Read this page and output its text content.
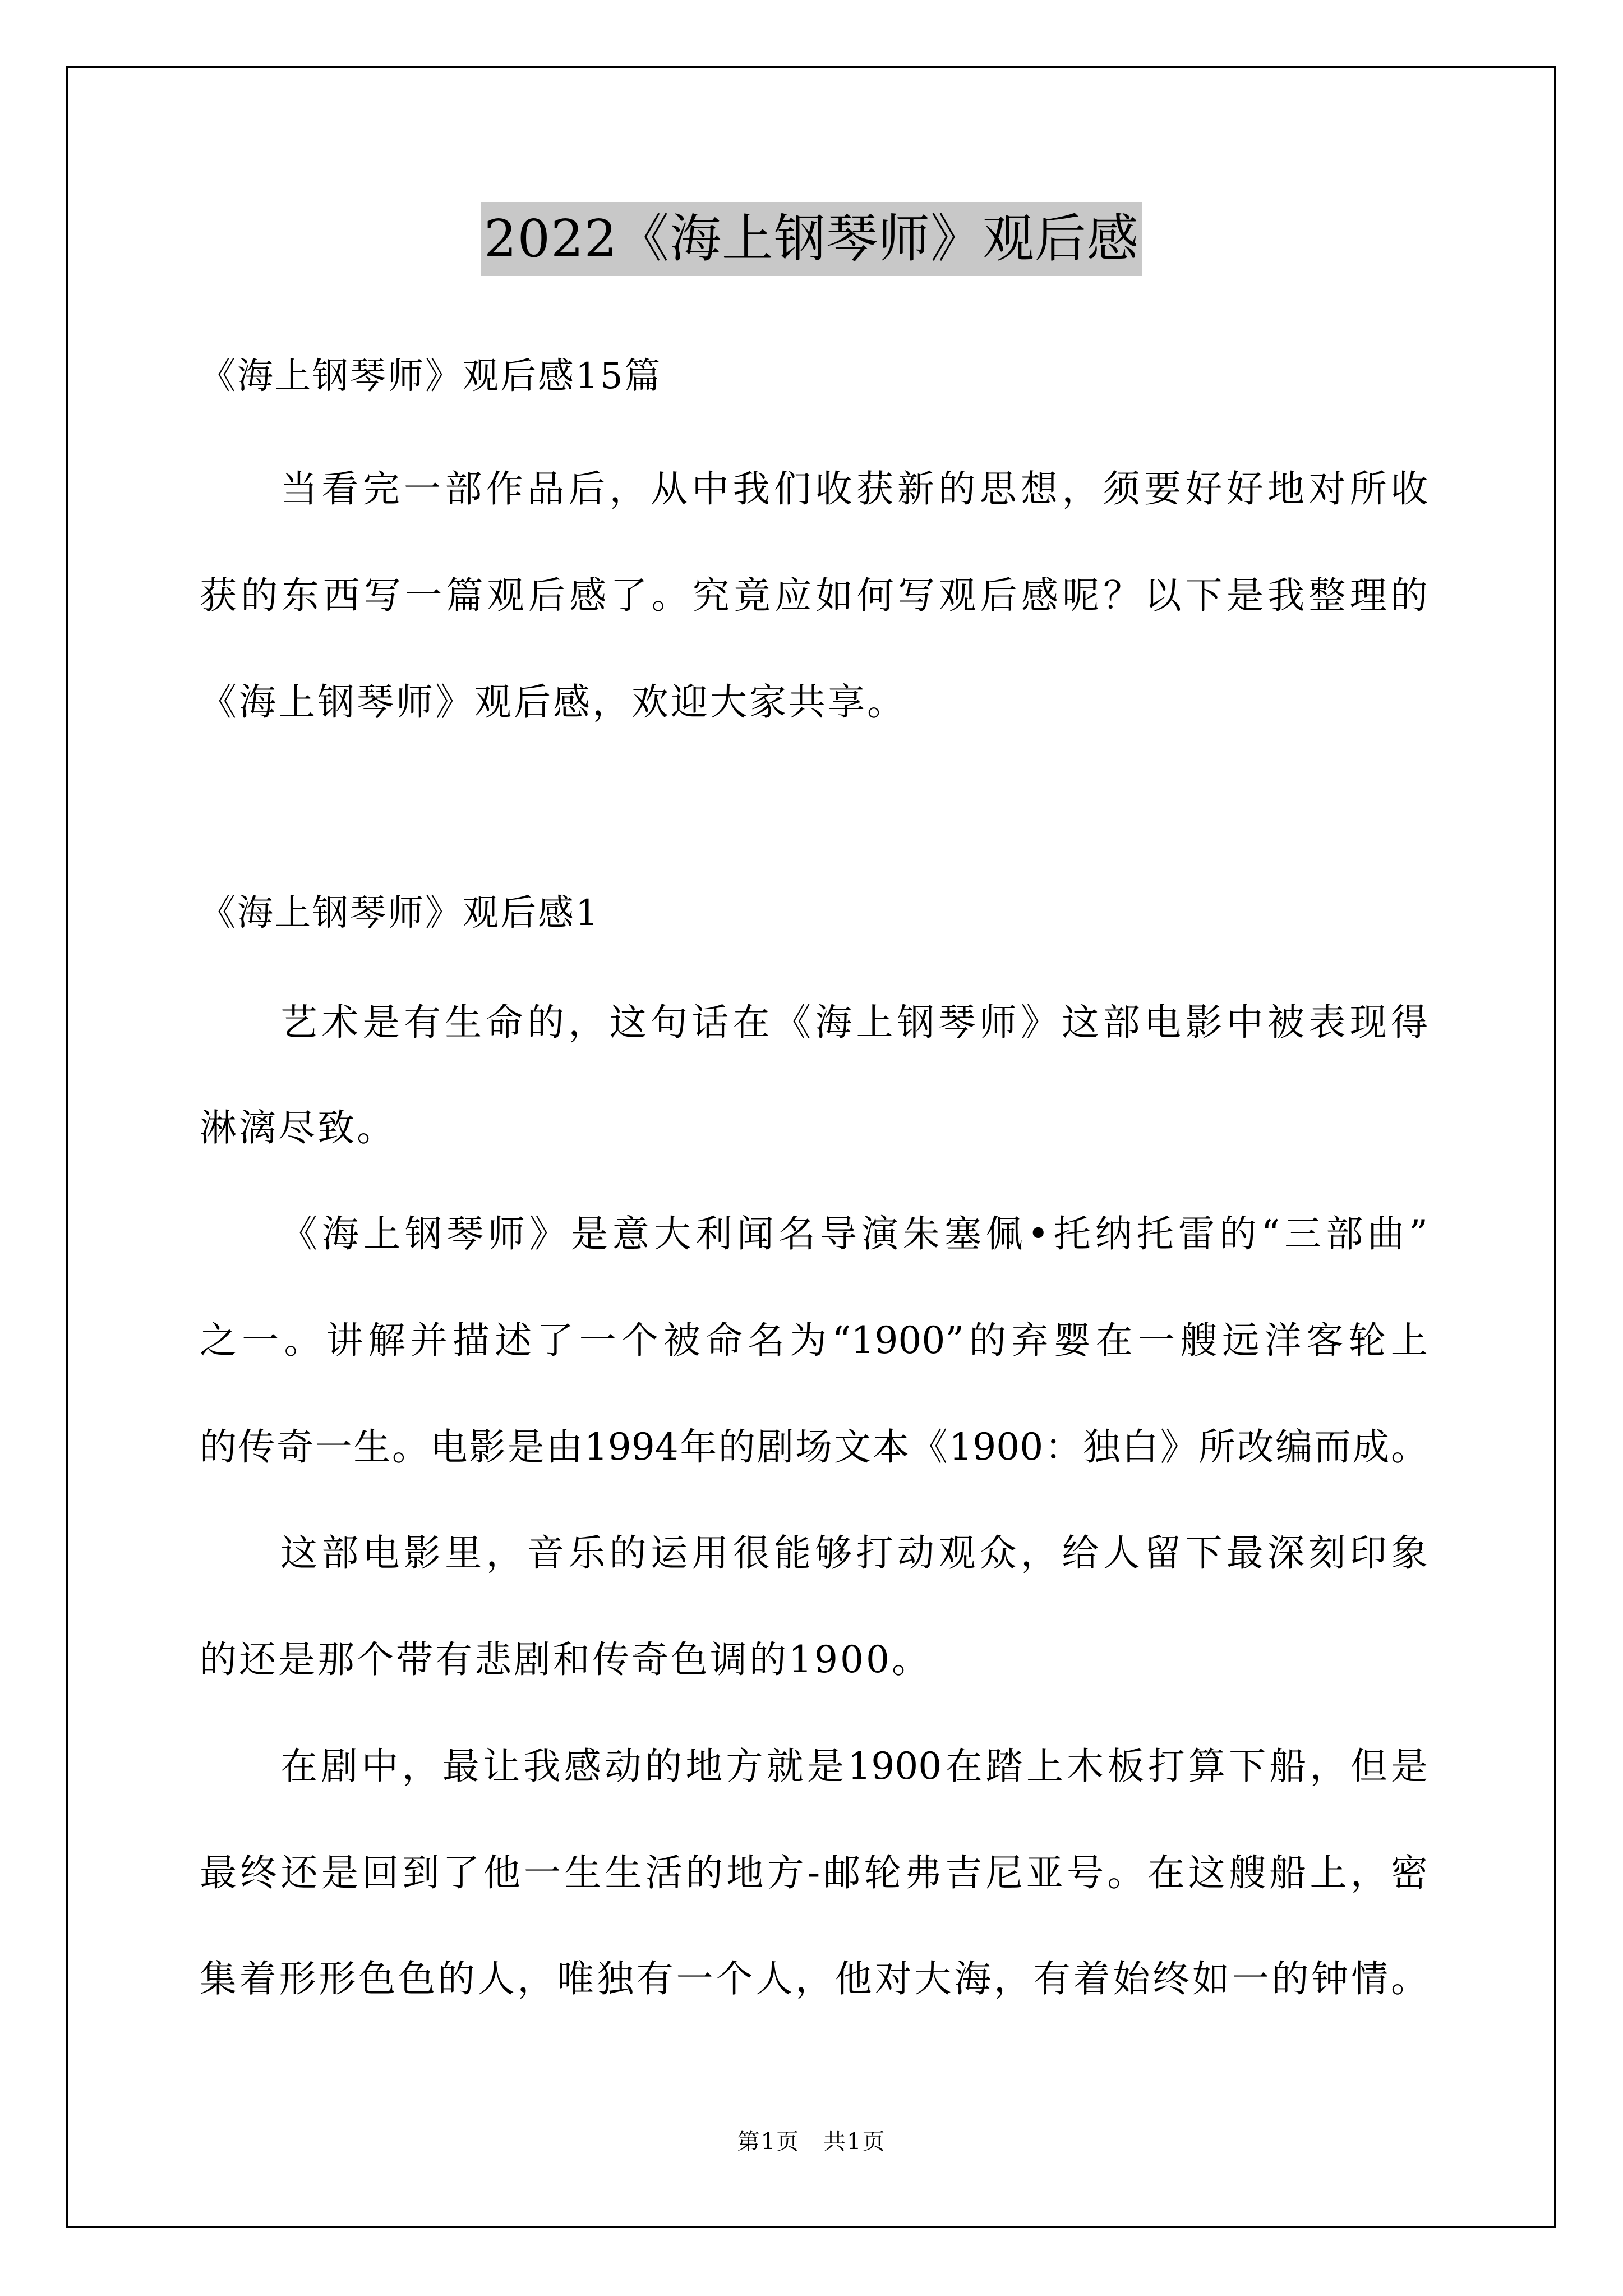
2022《海上钢琴师》观后感
《海上钢琴师》观后感15篇
当看完一部作品后，从中我们收获新的思想，须要好好地对所收
获的东西写一篇观后感了。究竟应如何写观后感呢？以下是我整理的
《海上钢琴师》观后感，欢迎大家共享。
《海上钢琴师》观后感1
艺术是有生命的，这句话在《海上钢琴师》这部电影中被表现得
淋漓尽致。
《海上钢琴师》是意大利闻名导演朱塞佩•托纳托雷的“三部曲”
之一。讲解并描述了一个被命名为“1900”的弃婴在一艘远洋客轮上
的传奇一生。电影是由1994年的剧场文本《1900：独白》所改编而成。
这部电影里，音乐的运用很能够打动观众，给人留下最深刻印象
的还是那个带有悲剧和传奇色调的1900。
在剧中，最让我感动的地方就是1900在踏上木板打算下船，但是
最终还是回到了他一生生活的地方-邮轮弗吉尼亚号。在这艘船上，密
集着形形色色的人，唯独有一个人，他对大海，有着始终如一的钟情。
第1页　共1页
